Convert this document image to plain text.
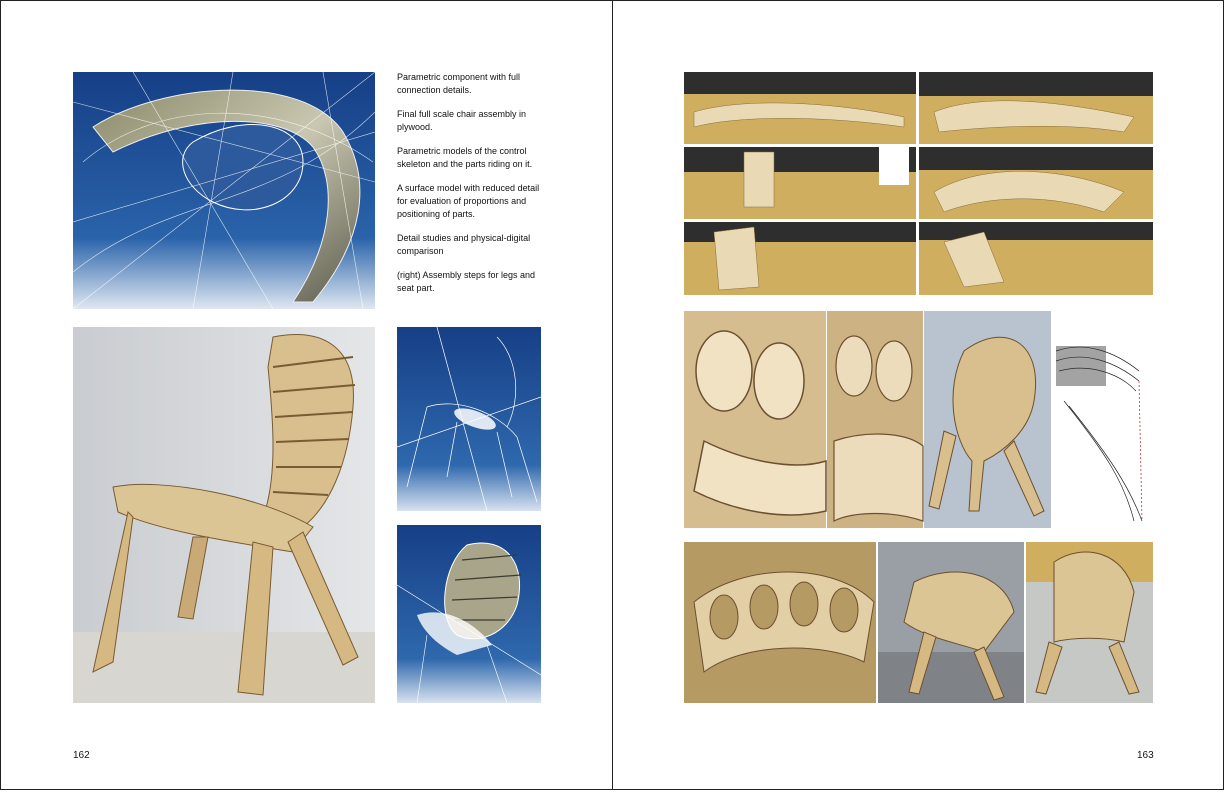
Parametric component with full connection details.

Final full scale chair assembly in plywood.

Parametric models of the control skeleton and the parts riding on it.

A surface model with reduced detail for evaluation of proportions and positioning of parts.

Detail studies and physical-digital comparison

(right) Assembly steps for legs and seat part.

162	163
